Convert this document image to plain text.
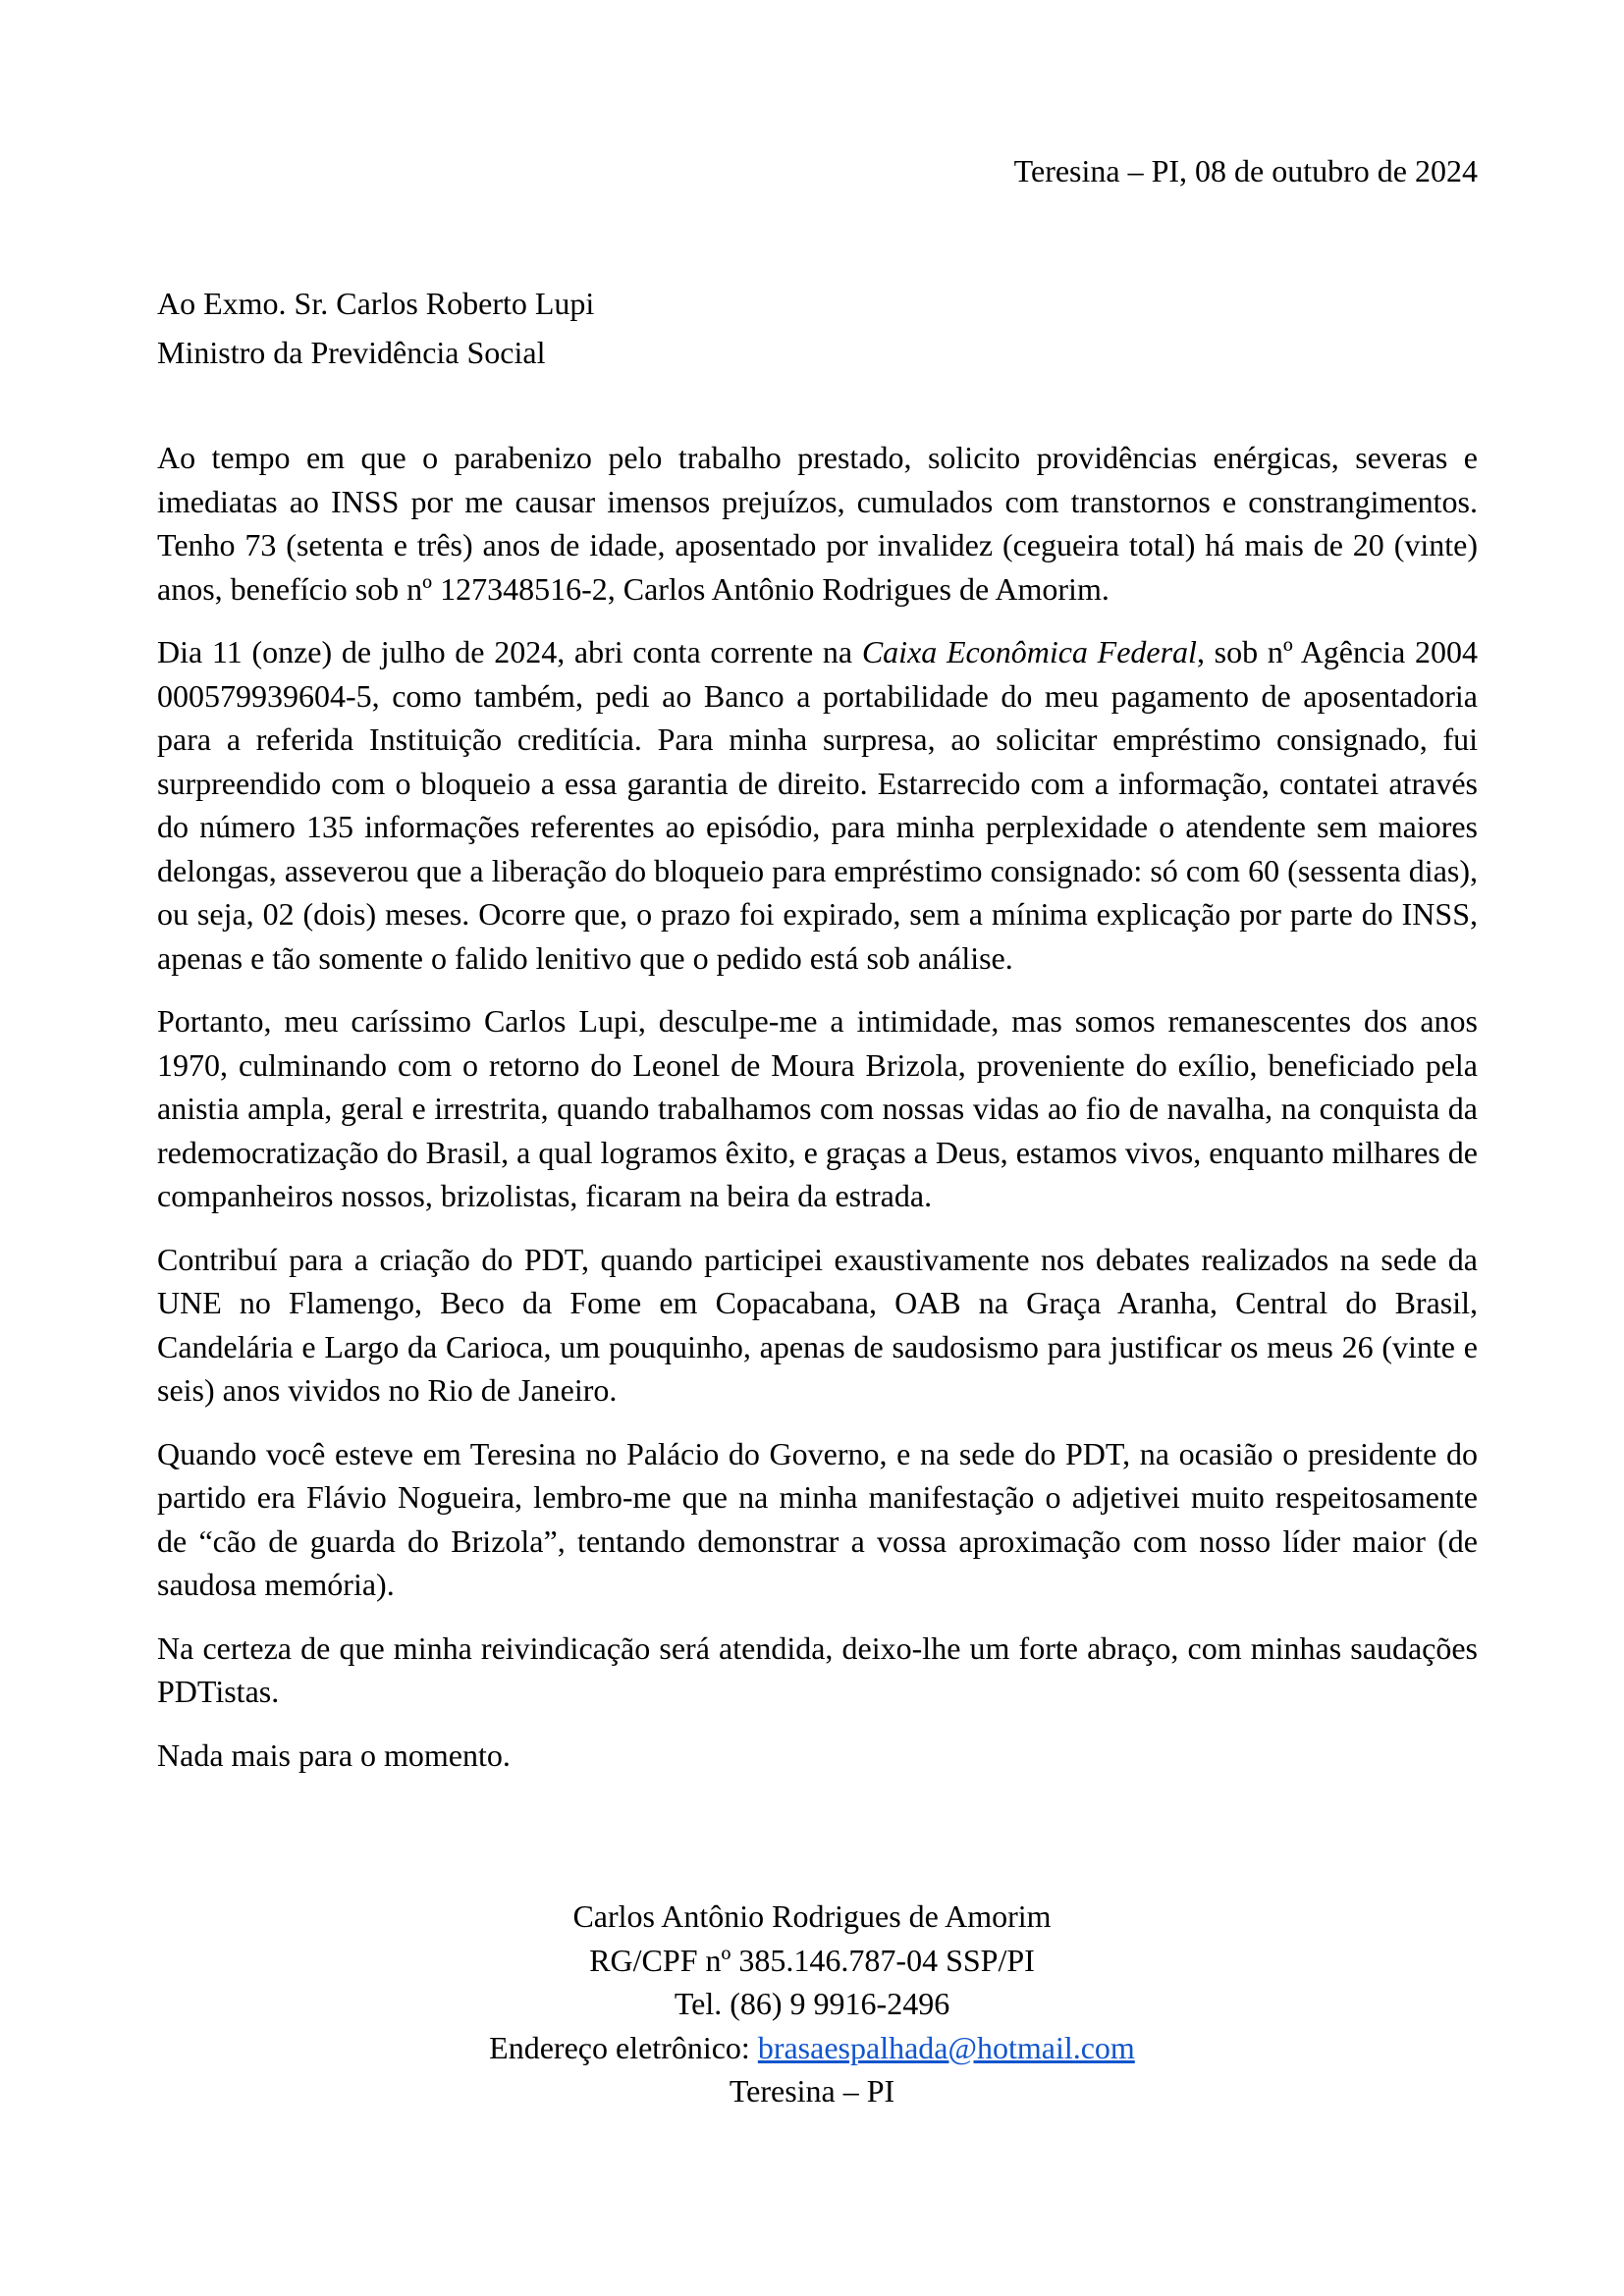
Teresina – PI, 08 de outubro de 2024

Ao Exmo. Sr. Carlos Roberto Lupi
Ministro da Previdência Social

Ao tempo em que o parabenizo pelo trabalho prestado, solicito providências enérgicas, severas e imediatas ao INSS por me causar imensos prejuízos, cumulados com transtornos e constrangimentos. Tenho 73 (setenta e três) anos de idade, aposentado por invalidez (cegueira total) há mais de 20 (vinte) anos, benefício sob nº 127348516-2, Carlos Antônio Rodrigues de Amorim.

Dia 11 (onze) de julho de 2024, abri conta corrente na Caixa Econômica Federal, sob nº Agência 2004 000579939604-5, como também, pedi ao Banco a portabilidade do meu pagamento de aposentadoria para a referida Instituição creditícia. Para minha surpresa, ao solicitar empréstimo consignado, fui surpreendido com o bloqueio a essa garantia de direito. Estarrecido com a informação, contatei através do número 135 informações referentes ao episódio, para minha perplexidade o atendente sem maiores delongas, asseverou que a liberação do bloqueio para empréstimo consignado: só com 60 (sessenta dias), ou seja, 02 (dois) meses. Ocorre que, o prazo foi expirado, sem a mínima explicação por parte do INSS, apenas e tão somente o falido lenitivo que o pedido está sob análise.

Portanto, meu caríssimo Carlos Lupi, desculpe-me a intimidade, mas somos remanescentes dos anos 1970, culminando com o retorno do Leonel de Moura Brizola, proveniente do exílio, beneficiado pela anistia ampla, geral e irrestrita, quando trabalhamos com nossas vidas ao fio de navalha, na conquista da redemocratização do Brasil, a qual logramos êxito, e graças a Deus, estamos vivos, enquanto milhares de companheiros nossos, brizolistas, ficaram na beira da estrada.

Contribuí para a criação do PDT, quando participei exaustivamente nos debates realizados na sede da UNE no Flamengo, Beco da Fome em Copacabana, OAB na Graça Aranha, Central do Brasil, Candelária e Largo da Carioca, um pouquinho, apenas de saudosismo para justificar os meus 26 (vinte e seis) anos vividos no Rio de Janeiro.

Quando você esteve em Teresina no Palácio do Governo, e na sede do PDT, na ocasião o presidente do partido era Flávio Nogueira, lembro-me que na minha manifestação o adjetivei muito respeitosamente de “cão de guarda do Brizola”, tentando demonstrar a vossa aproximação com nosso líder maior (de saudosa memória).

Na certeza de que minha reivindicação será atendida, deixo-lhe um forte abraço, com minhas saudações PDTistas.

Nada mais para o momento.

Carlos Antônio Rodrigues de Amorim
RG/CPF nº 385.146.787-04 SSP/PI
Tel. (86) 9 9916-2496
Endereço eletrônico: brasaespalhada@hotmail.com
Teresina – PI
